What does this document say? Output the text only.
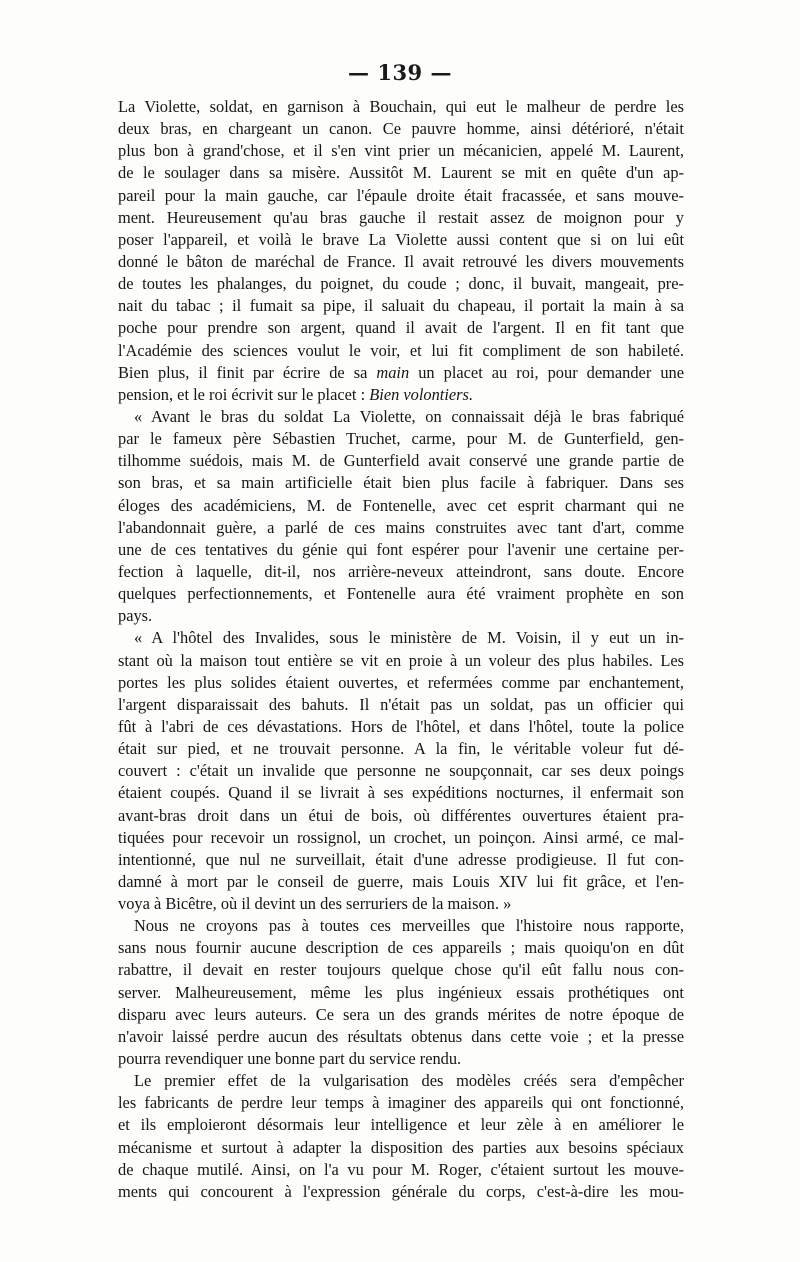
— 139 —
La Violette, soldat, en garnison à Bouchain, qui eut le malheur de perdre les
deux bras, en chargeant un canon. Ce pauvre homme, ainsi détérioré, n'était
plus bon à grand'chose, et il s'en vint prier un mécanicien, appelé M. Laurent,
de le soulager dans sa misère. Aussitôt M. Laurent se mit en quête d'un ap-
pareil pour la main gauche, car l'épaule droite était fracassée, et sans mouve-
ment. Heureusement qu'au bras gauche il restait assez de moignon pour y
poser l'appareil, et voilà le brave La Violette aussi content que si on lui eût
donné le bâton de maréchal de France. Il avait retrouvé les divers mouvements
de toutes les phalanges, du poignet, du coude ; donc, il buvait, mangeait, pre-
nait du tabac ; il fumait sa pipe, il saluait du chapeau, il portait la main à sa
poche pour prendre son argent, quand il avait de l'argent. Il en fit tant que
l'Académie des sciences voulut le voir, et lui fit compliment de son habileté.
Bien plus, il finit par écrire de sa main un placet au roi, pour demander une
pension, et le roi écrivit sur le placet : Bien volontiers.
« Avant le bras du soldat La Violette, on connaissait déjà le bras fabriqué
par le fameux père Sébastien Truchet, carme, pour M. de Gunterfield, gen-
tilhomme suédois, mais M. de Gunterfield avait conservé une grande partie de
son bras, et sa main artificielle était bien plus facile à fabriquer. Dans ses
éloges des académiciens, M. de Fontenelle, avec cet esprit charmant qui ne
l'abandonnait guère, a parlé de ces mains construites avec tant d'art, comme
une de ces tentatives du génie qui font espérer pour l'avenir une certaine per-
fection à laquelle, dit-il, nos arrière-neveux atteindront, sans doute. Encore
quelques perfectionnements, et Fontenelle aura été vraiment prophète en son
pays.
« A l'hôtel des Invalides, sous le ministère de M. Voisin, il y eut un in-
stant où la maison tout entière se vit en proie à un voleur des plus habiles. Les
portes les plus solides étaient ouvertes, et refermées comme par enchantement,
l'argent disparaissait des bahuts. Il n'était pas un soldat, pas un officier qui
fût à l'abri de ces dévastations. Hors de l'hôtel, et dans l'hôtel, toute la police
était sur pied, et ne trouvait personne. A la fin, le véritable voleur fut dé-
couvert : c'était un invalide que personne ne soupçonnait, car ses deux poings
étaient coupés. Quand il se livrait à ses expéditions nocturnes, il enfermait son
avant-bras droit dans un étui de bois, où différentes ouvertures étaient pra-
tiquées pour recevoir un rossignol, un crochet, un poinçon. Ainsi armé, ce mal-
intentionné, que nul ne surveillait, était d'une adresse prodigieuse. Il fut con-
damné à mort par le conseil de guerre, mais Louis XIV lui fit grâce, et l'en-
voya à Bicêtre, où il devint un des serruriers de la maison. »
Nous ne croyons pas à toutes ces merveilles que l'histoire nous rapporte,
sans nous fournir aucune description de ces appareils ; mais quoiqu'on en dût
rabattre, il devait en rester toujours quelque chose qu'il eût fallu nous con-
server. Malheureusement, même les plus ingénieux essais prothétiques ont
disparu avec leurs auteurs. Ce sera un des grands mérites de notre époque de
n'avoir laissé perdre aucun des résultats obtenus dans cette voie ; et la presse
pourra revendiquer une bonne part du service rendu.
Le premier effet de la vulgarisation des modèles créés sera d'empêcher
les fabricants de perdre leur temps à imaginer des appareils qui ont fonctionné,
et ils emploieront désormais leur intelligence et leur zèle à en améliorer le
mécanisme et surtout à adapter la disposition des parties aux besoins spéciaux
de chaque mutilé. Ainsi, on l'a vu pour M. Roger, c'étaient surtout les mouve-
ments qui concourent à l'expression générale du corps, c'est-à-dire les mou-
